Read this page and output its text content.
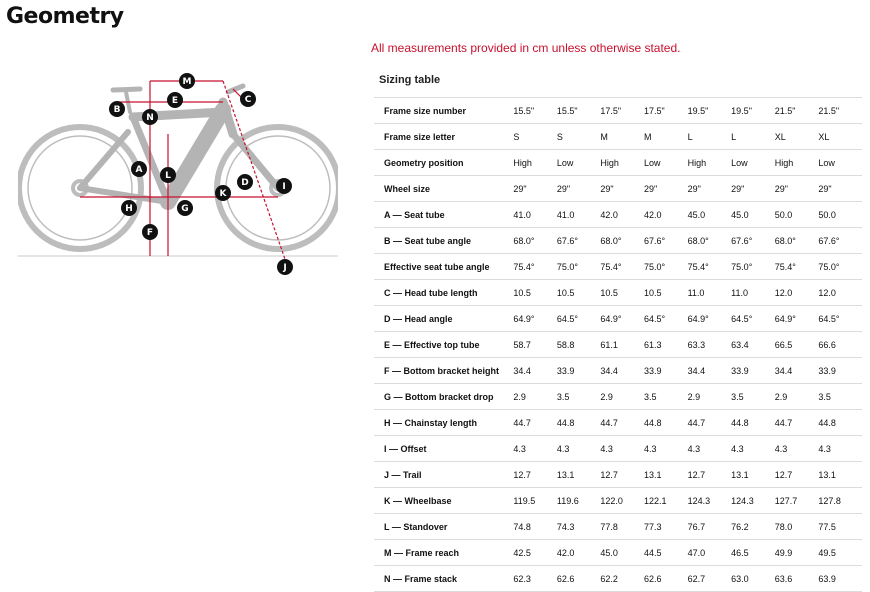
Geometry
M
E
B
C
N
A
L
D	I
H	G
K
F
J
All measurements provided in cm unless otherwise stated.
Sizing table
Frame size number	15.5"	15.5"	17.5"	17.5"	19.5"	19.5"	21.5"	21.5"
Frame size letter	S	S	M	M	L	L	XL	XL
Geometry position	High	Low	High	Low	High	Low	High	Low
Wheel size	29"	29"	29"	29"	29"	29"	29"	29"
A — Seat tube	41.0	41.0	42.0	42.0	45.0	45.0	50.0	50.0
B — Seat tube angle	68.0°	67.6°	68.0°	67.6°	68.0°	67.6°	68.0°	67.6°
Effective seat tube angle	75.4°	75.0°	75.4°	75.0°	75.4°	75.0°	75.4°	75.0°
C — Head tube length	10.5	10.5	10.5	10.5	11.0	11.0	12.0	12.0
D — Head angle	64.9°	64.5°	64.9°	64.5°	64.9°	64.5°	64.9°	64.5°
E — Effective top tube	58.7	58.8	61.1	61.3	63.3	63.4	66.5	66.6
F — Bottom bracket height	34.4	33.9	34.4	33.9	34.4	33.9	34.4	33.9
G — Bottom bracket drop	2.9	3.5	2.9	3.5	2.9	3.5	2.9	3.5
H — Chainstay length	44.7	44.8	44.7	44.8	44.7	44.8	44.7	44.8
I — Offset	4.3	4.3	4.3	4.3	4.3	4.3	4.3	4.3
J — Trail	12.7	13.1	12.7	13.1	12.7	13.1	12.7	13.1
K — Wheelbase	119.5	119.6	122.0	122.1	124.3	124.3	127.7	127.8
L — Standover	74.8	74.3	77.8	77.3	76.7	76.2	78.0	77.5
M — Frame reach	42.5	42.0	45.0	44.5	47.0	46.5	49.9	49.5
N — Frame stack	62.3	62.6	62.2	62.6	62.7	63.0	63.6	63.9
